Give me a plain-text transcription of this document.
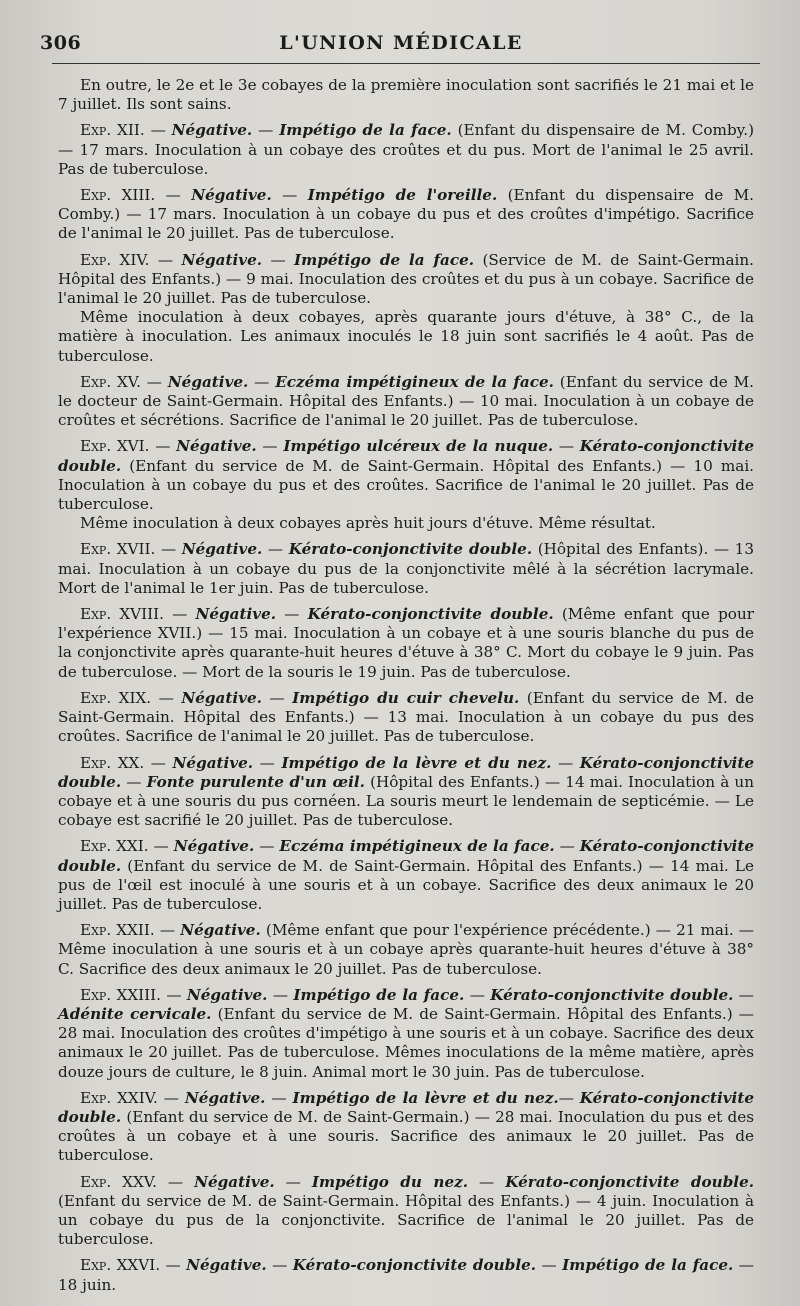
306	L'UNION MÉDICALE

En outre, le 2e et le 3e cobayes de la première inoculation sont sacrifiés le 21 mai et le 7 juillet. Ils sont sains.

Exp. XII. — Négative. — Impétigo de la face. (Enfant du dispensaire de M. Comby.) — 17 mars. Inoculation à un cobaye des croûtes et du pus. Mort de l'animal le 25 avril. Pas de tuberculose.

Exp. XIII. — Négative. — Impétigo de l'oreille. (Enfant du dispensaire de M. Comby.) — 17 mars. Inoculation à un cobaye du pus et des croûtes d'impétigo. Sacrifice de l'animal le 20 juillet. Pas de tuberculose.

Exp. XIV. — Négative. — Impétigo de la face. (Service de M. de Saint-Germain. Hôpital des Enfants.) — 9 mai. Inoculation des croûtes et du pus à un cobaye. Sacrifice de l'animal le 20 juillet. Pas de tuberculose.

Même inoculation à deux cobayes, après quarante jours d'étuve, à 38° C., de la matière à inoculation. Les animaux inoculés le 18 juin sont sacrifiés le 4 août. Pas de tuberculose.

Exp. XV. — Négative. — Eczéma impétigineux de la face. (Enfant du service de M. le docteur de Saint-Germain. Hôpital des Enfants.) — 10 mai. Inoculation à un cobaye de croûtes et sécrétions. Sacrifice de l'animal le 20 juillet. Pas de tuberculose.

Exp. XVI. — Négative. — Impétigo ulcéreux de la nuque. — Kérato-conjonctivite double. (Enfant du service de M. de Saint-Germain. Hôpital des Enfants.) — 10 mai. Inoculation à un cobaye du pus et des croûtes. Sacrifice de l'animal le 20 juillet. Pas de tuberculose.

Même inoculation à deux cobayes après huit jours d'étuve. Même résultat.

Exp. XVII. — Négative. — Kérato-conjonctivite double. (Hôpital des Enfants). — 13 mai. Inoculation à un cobaye du pus de la conjonctivite mêlé à la sécrétion lacrymale. Mort de l'animal le 1er juin. Pas de tuberculose.

Exp. XVIII. — Négative. — Kérato-conjonctivite double. (Même enfant que pour l'expérience XVII.) — 15 mai. Inoculation à un cobaye et à une souris blanche du pus de la conjonctivite après quarante-huit heures d'étuve à 38° C. Mort du cobaye le 9 juin. Pas de tuberculose. — Mort de la souris le 19 juin. Pas de tuberculose.

Exp. XIX. — Négative. — Impétigo du cuir chevelu. (Enfant du service de M. de Saint-Germain. Hôpital des Enfants.) — 13 mai. Inoculation à un cobaye du pus des croûtes. Sacrifice de l'animal le 20 juillet. Pas de tuberculose.

Exp. XX. — Négative. — Impétigo de la lèvre et du nez. — Kérato-conjonctivite double. — Fonte purulente d'un œil. (Hôpital des Enfants.) — 14 mai. Inoculation à un cobaye et à une souris du pus cornéen. La souris meurt le lendemain de septicémie. — Le cobaye est sacrifié le 20 juillet. Pas de tuberculose.

Exp. XXI. — Négative. — Eczéma impétigineux de la face. — Kérato-conjonctivite double. (Enfant du service de M. de Saint-Germain. Hôpital des Enfants.) — 14 mai. Le pus de l'œil est inoculé à une souris et à un cobaye. Sacrifice des deux animaux le 20 juillet. Pas de tuberculose.

Exp. XXII. — Négative. (Même enfant que pour l'expérience précédente.) — 21 mai. — Même inoculation à une souris et à un cobaye après quarante-huit heures d'étuve à 38° C. Sacrifice des deux animaux le 20 juillet. Pas de tuberculose.

Exp. XXIII. — Négative. — Impétigo de la face. — Kérato-conjonctivite double. — Adénite cervicale. (Enfant du service de M. de Saint-Germain. Hôpital des Enfants.) — 28 mai. Inoculation des croûtes d'impétigo à une souris et à un cobaye. Sacrifice des deux animaux le 20 juillet. Pas de tuberculose. Mêmes inoculations de la même matière, après douze jours de culture, le 8 juin. Animal mort le 30 juin. Pas de tuberculose.

Exp. XXIV. — Négative. — Impétigo de la lèvre et du nez.— Kérato-conjonctivite double. (Enfant du service de M. de Saint-Germain.) — 28 mai. Inoculation du pus et des croûtes à un cobaye et à une souris. Sacrifice des animaux le 20 juillet. Pas de tuberculose.

Exp. XXV. — Négative. — Impétigo du nez. — Kérato-conjonctivite double. (Enfant du service de M. de Saint-Germain. Hôpital des Enfants.) — 4 juin. Inoculation à un cobaye du pus de la conjonctivite. Sacrifice de l'animal le 20 juillet. Pas de tuberculose.

Exp. XXVI. — Négative. — Kérato-conjonctivite double. — Impétigo de la face. — 18 juin.
